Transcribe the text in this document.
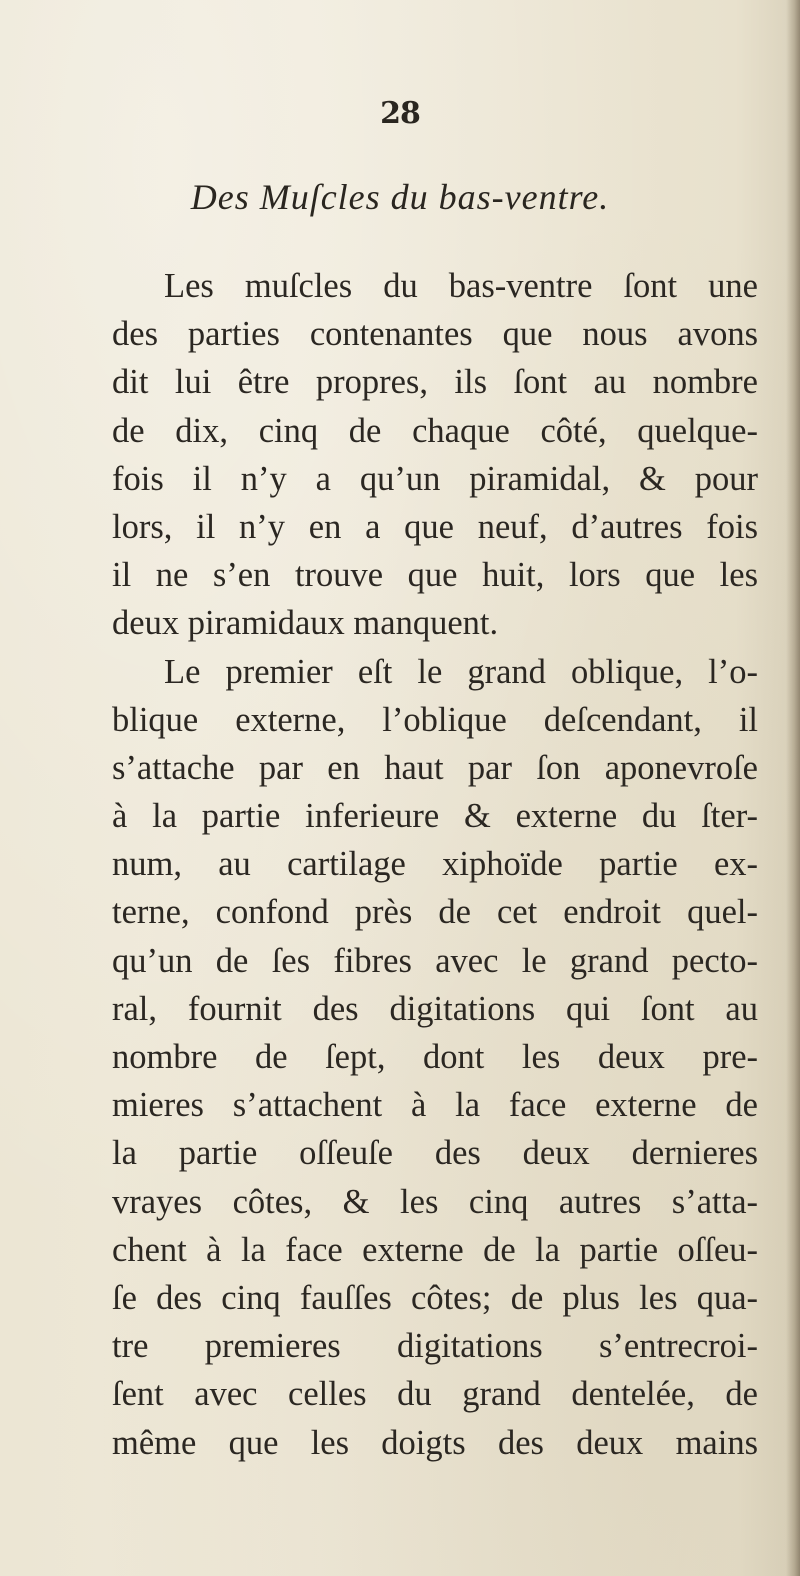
28
Des Muſcles du bas-ventre.
Les muſcles du bas-ventre ſont une
des parties contenantes que nous avons
dit lui être propres, ils ſont au nombre
de dix, cinq de chaque côté, quelque-
fois il n’y a qu’un piramidal, & pour
lors, il n’y en a que neuf, d’autres fois
il ne s’en trouve que huit, lors que les
deux piramidaux manquent.
Le premier eſt le grand oblique, l’o-
blique externe, l’oblique deſcendant, il
s’attache par en haut par ſon aponevroſe
à la partie inferieure & externe du ſter-
num, au cartilage xiphoïde partie ex-
terne, confond près de cet endroit quel-
qu’un de ſes fibres avec le grand pecto-
ral, fournit des digitations qui ſont au
nombre de ſept, dont les deux pre-
mieres s’attachent à la face externe de
la partie oſſeuſe des deux dernieres
vrayes côtes, & les cinq autres s’atta-
chent à la face externe de la partie oſſeu-
ſe des cinq fauſſes côtes; de plus les qua-
tre premieres digitations s’entrecroi-
ſent avec celles du grand dentelée, de
même que les doigts des deux mains
